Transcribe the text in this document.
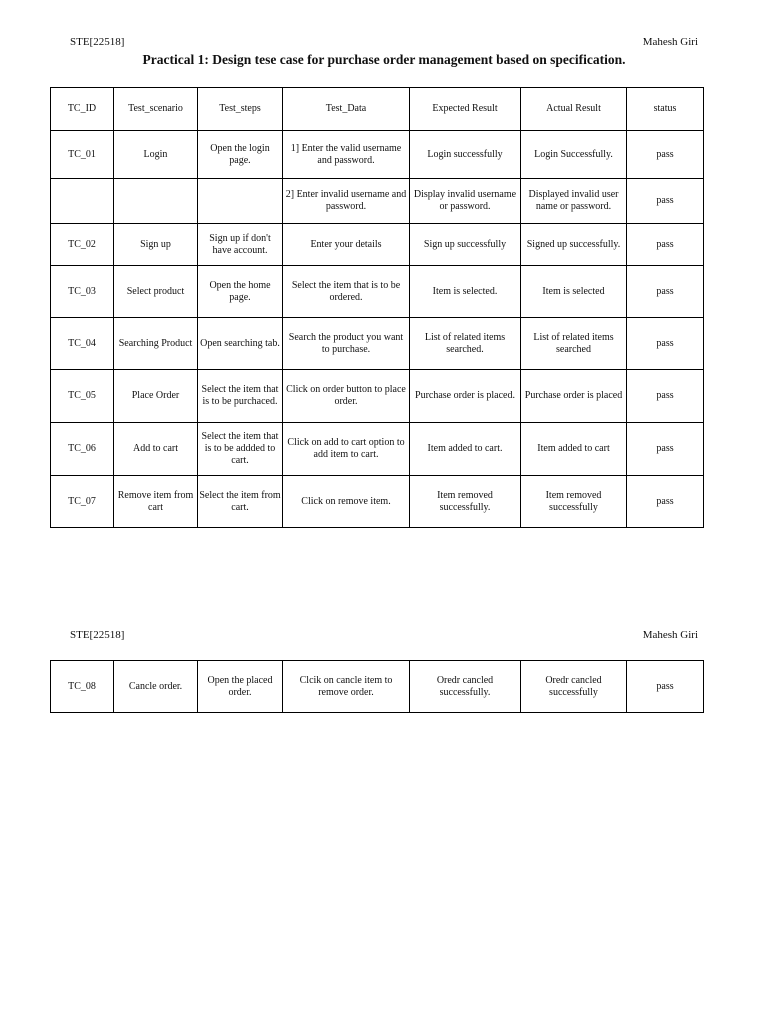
STE[22518]	Mahesh Giri
Practical 1: Design tese case for purchase order management based on specification.
TC_ID	Test_scenario	Test_steps	Test_Data	Expected Result	Actual Result	status
TC_01	Login	Open the login page.	1] Enter the valid username and password.	Login successfully	Login Successfully.	pass
			2] Enter invalid username and password.	Display invalid username or password.	Displayed invalid user name or password.	pass
TC_02	Sign up	Sign up if don't have account.	Enter your details	Sign up successfully	Signed up successfully.	pass
TC_03	Select product	Open the home page.	Select the item that is to be ordered.	Item is selected.	Item is selected	pass
TC_04	Searching Product	Open searching tab.	Search the product you want to purchase.	List of related items searched.	List of related items searched	pass
TC_05	Place Order	Select the item that is to be purchaced.	Click on order button to place order.	Purchase order is placed.	Purchase order is placed	pass
TC_06	Add to cart	Select the item that is to be addded to cart.	Click on add to cart option to add item to cart.	Item added to cart.	Item added to cart	pass
TC_07	Remove item from cart	Select the item from cart.	Click on remove item.	Item removed successfully.	Item removed successfully	pass
STE[22518]	Mahesh Giri
TC_08	Cancle order.	Open the placed order.	Clcik on cancle item to remove order.	Oredr cancled successfully.	Oredr cancled successfully	pass
